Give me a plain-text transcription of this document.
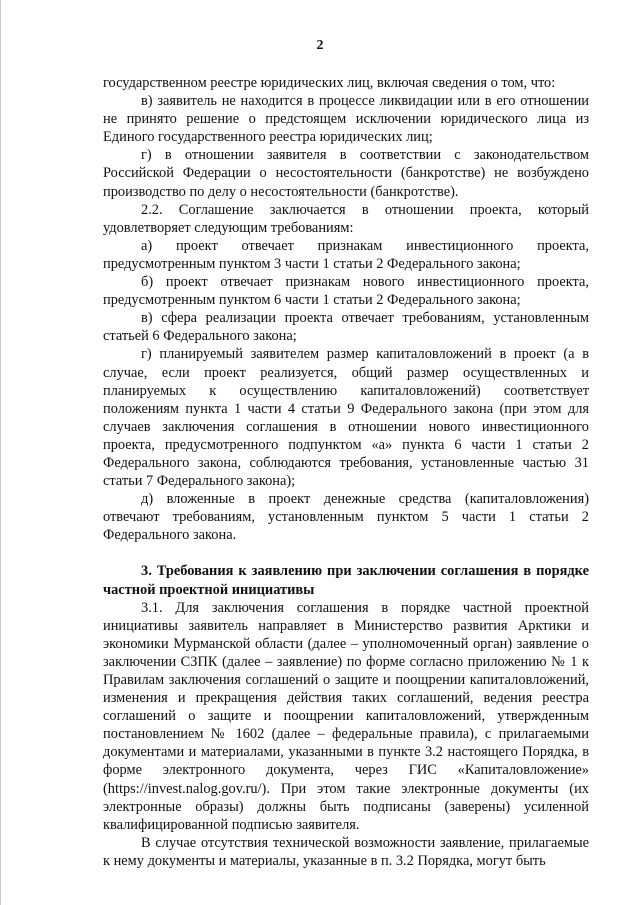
2

государственном реестре юридических лиц, включая сведения о том, что:

в) заявитель не находится в процессе ликвидации или в его отношении не принято решение о предстоящем исключении юридического лица из Единого государственного реестра юридических лиц;

г) в отношении заявителя в соответствии с законодательством Российской Федерации о несостоятельности (банкротстве) не возбуждено производство по делу о несостоятельности (банкротстве).

2.2. Соглашение заключается в отношении проекта, который удовлетворяет следующим требованиям:

а) проект отвечает признакам инвестиционного проекта, предусмотренным пунктом 3 части 1 статьи 2 Федерального закона;

б) проект отвечает признакам нового инвестиционного проекта, предусмотренным пунктом 6 части 1 статьи 2 Федерального закона;

в) сфера реализации проекта отвечает требованиям, установленным статьей 6 Федерального закона;

г) планируемый заявителем размер капиталовложений в проект (а в случае, если проект реализуется, общий размер осуществленных и планируемых к осуществлению капиталовложений) соответствует положениям пункта 1 части 4 статьи 9 Федерального закона (при этом для случаев заключения соглашения в отношении нового инвестиционного проекта, предусмотренного подпунктом «а» пункта 6 части 1 статьи 2 Федерального закона, соблюдаются требования, установленные частью 31 статьи 7 Федерального закона);

д) вложенные в проект денежные средства (капиталовложения) отвечают требованиям, установленным пунктом 5 части 1 статьи 2 Федерального закона.

3. Требования к заявлению при заключении соглашения в порядке частной проектной инициативы

3.1. Для заключения соглашения в порядке частной проектной инициативы заявитель направляет в Министерство развития Арктики и экономики Мурманской области (далее – уполномоченный орган) заявление о заключении СЗПК (далее – заявление) по форме согласно приложению № 1 к Правилам заключения соглашений о защите и поощрении капиталовложений, изменения и прекращения действия таких соглашений, ведения реестра соглашений о защите и поощрении капиталовложений, утвержденным постановлением № 1602 (далее – федеральные правила), с прилагаемыми документами и материалами, указанными в пункте 3.2 настоящего Порядка, в форме электронного документа, через ГИС «Капиталовложение» (https://invest.nalog.gov.ru/). При этом такие электронные документы (их электронные образы) должны быть подписаны (заверены) усиленной квалифицированной подписью заявителя.

В случае отсутствия технической возможности заявление, прилагаемые к нему документы и материалы, указанные в п. 3.2 Порядка, могут быть
